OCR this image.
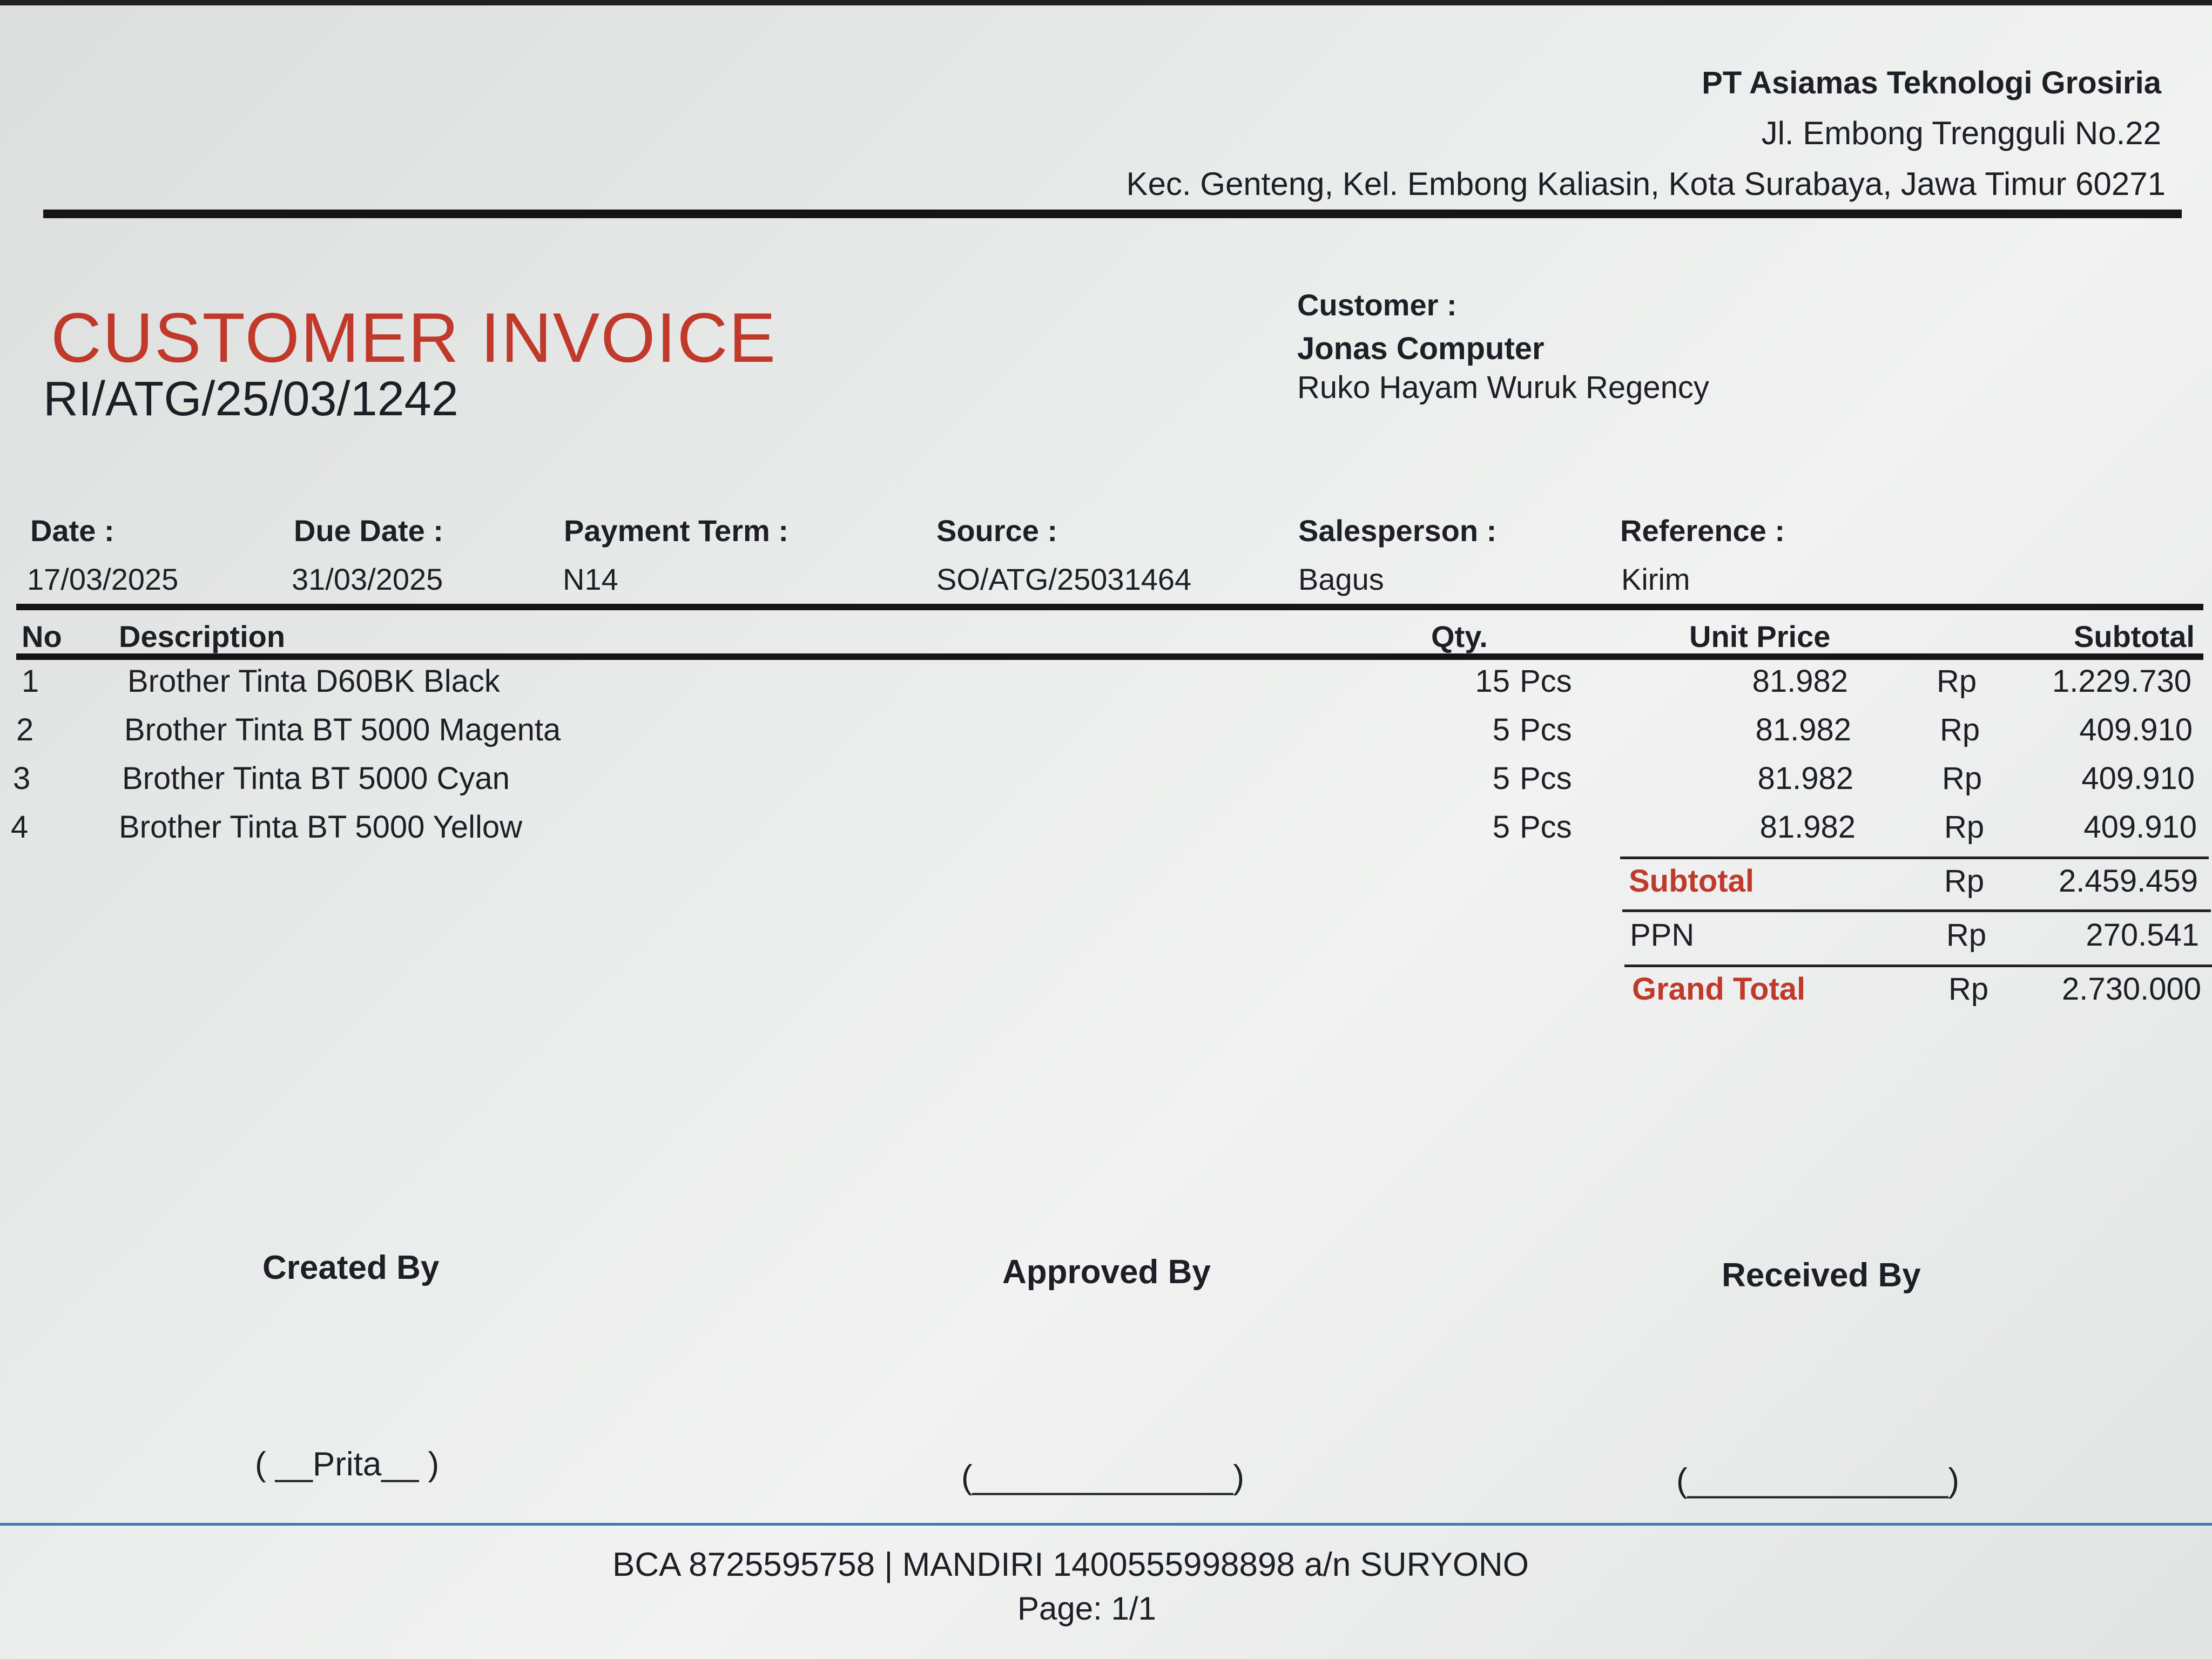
PT Asiamas Teknologi Grosiria
Jl. Embong Trengguli No.22
Kec. Genteng, Kel. Embong Kaliasin, Kota Surabaya, Jawa Timur 60271
CUSTOMER INVOICE
RI/ATG/25/03/1242
Customer :
Jonas Computer
Ruko Hayam Wuruk Regency
Date :
17/03/2025
Due Date :
31/03/2025
Payment Term :
N14
Source :
SO/ATG/25031464
Salesperson :
Bagus
Reference :
Kirim
No Description	Qty.	Unit Price	Subtotal
1	Brother Tinta D60BK Black	15 Pcs	81.982	Rp 1.229.730
2	Brother Tinta BT 5000 Magenta	5 Pcs	81.982	Rp	409.910
3	Brother Tinta BT 5000 Cyan	5 Pcs	81.982	Rp	409.910
4	Brother Tinta BT 5000 Yellow	5 Pcs	81.982	Rp	409.910
Subtotal	Rp 2.459.459
PPN	Rp	270.541
Grand Total	Rp 2.730.000
Created By	Approved By	Received By
( __Prita__ )	(______________)	(______________)
BCA 8725595758 | MANDIRI 1400555998898 a/n SURYONO
Page: 1/1
